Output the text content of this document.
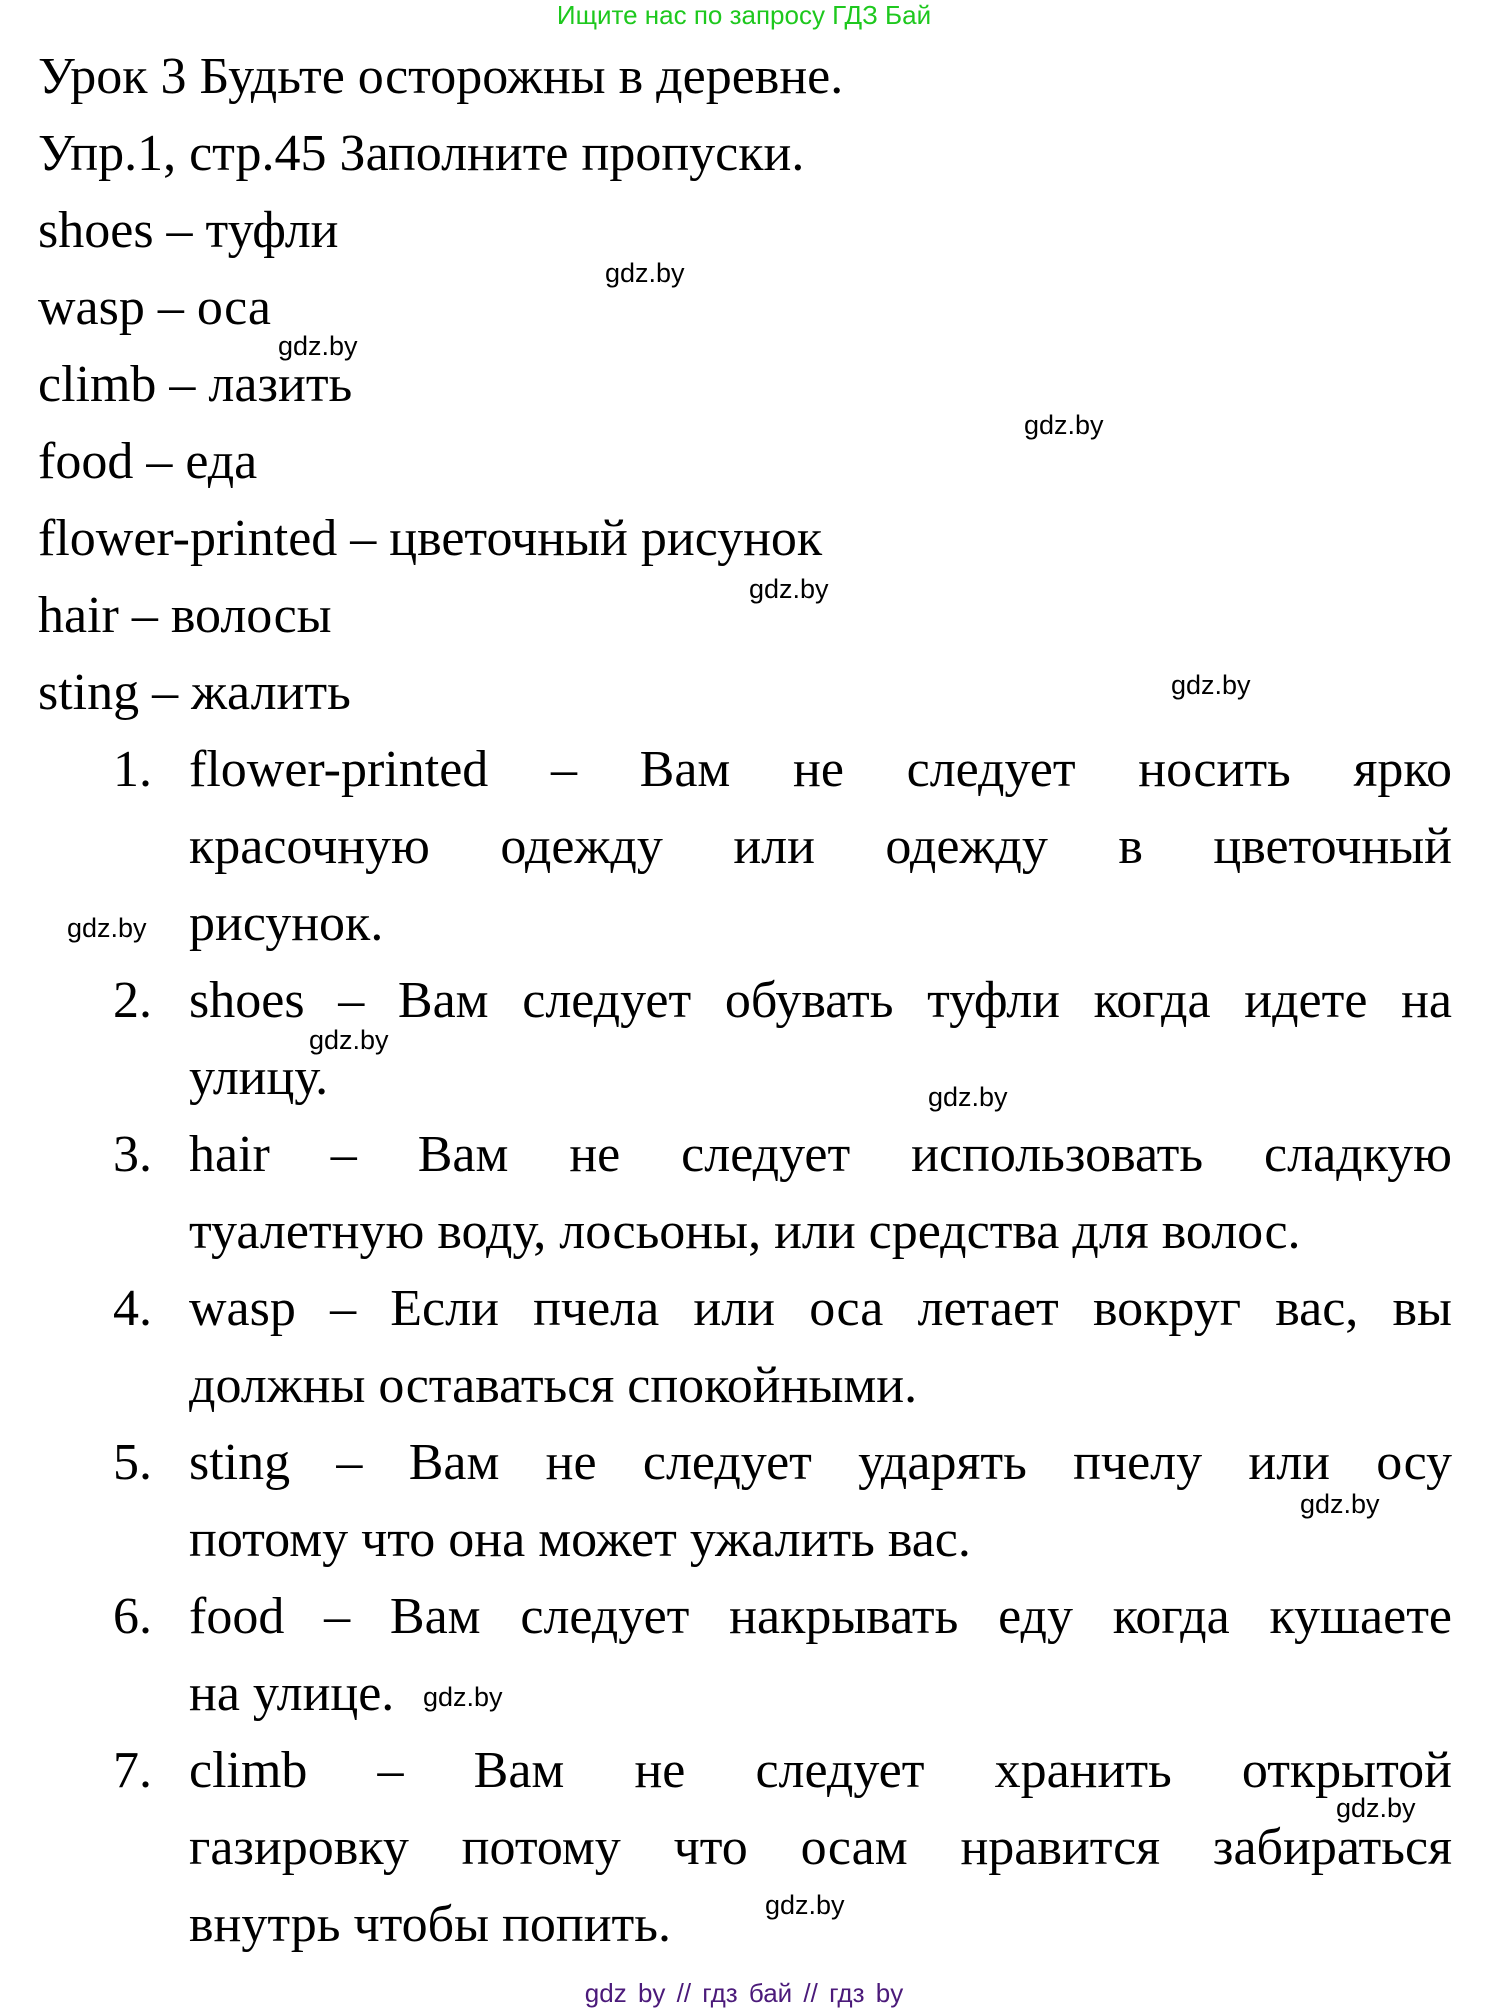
Ищите нас по запросу ГДЗ Бай
Урок 3 Будьте осторожны в деревне.
Упр.1, стр.45 Заполните пропуски.
shoes – туфли
wasp – оса
climb – лазить
food – еда
flower-printed – цветочный рисунок
hair – волосы
sting – жалить
1. flower-printed – Вам не следует носить ярко
красочную одежду или одежду в цветочный
рисунок.
2. shoes – Вам следует обувать туфли когда идете на
улицу.
3. hair – Вам не следует использовать сладкую
туалетную воду, лосьоны, или средства для волос.
4. wasp – Если пчела или оса летает вокруг вас, вы
должны оставаться спокойными.
5. sting – Вам не следует ударять пчелу или осу
потому что она может ужалить вас.
6. food – Вам следует накрывать еду когда кушаете
на улице.
7. climb – Вам не следует хранить открытой
газировку потому что осам нравится забираться
внутрь чтобы попить.
gdz.by
gdz.by
gdz.by
gdz.by
gdz.by
gdz.by
gdz.by
gdz.by
gdz.by
gdz.by
gdz.by
gdz.by
gdz by // гдз бай // гдз by
